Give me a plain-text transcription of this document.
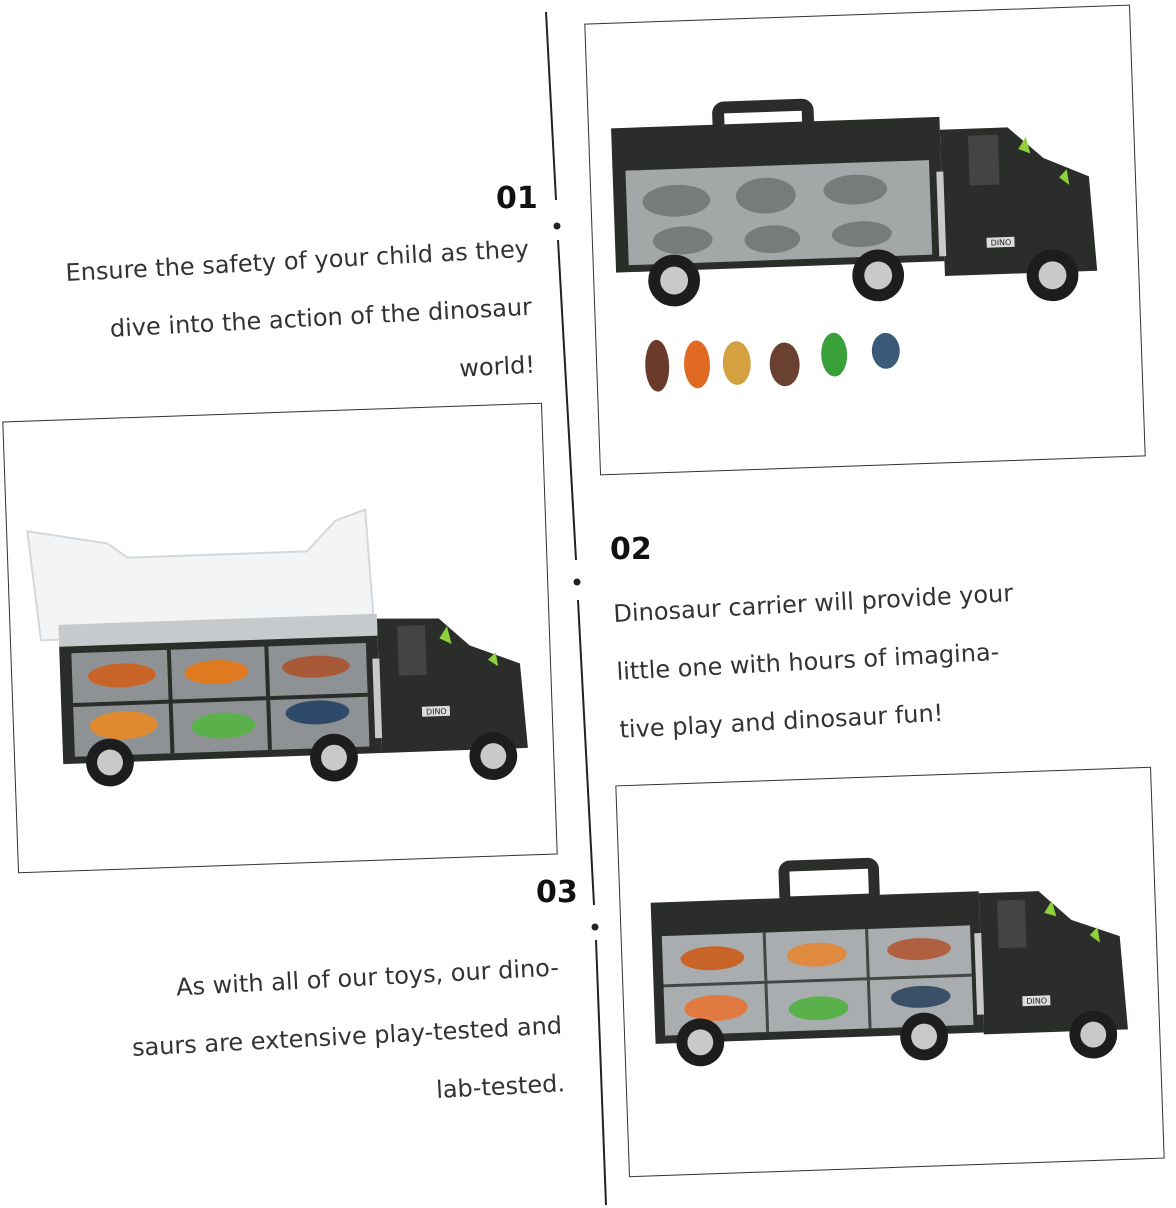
01
Ensure the safety of your child as they
dive into the action of the dinosaur
world!
02
Dinosaur carrier will provide your
little one with hours of imagina-
tive play and dinosaur fun!
03
As with all of our toys, our dino-
saurs are extensive play-tested and
lab-tested.
DINO
DINO
DINO
